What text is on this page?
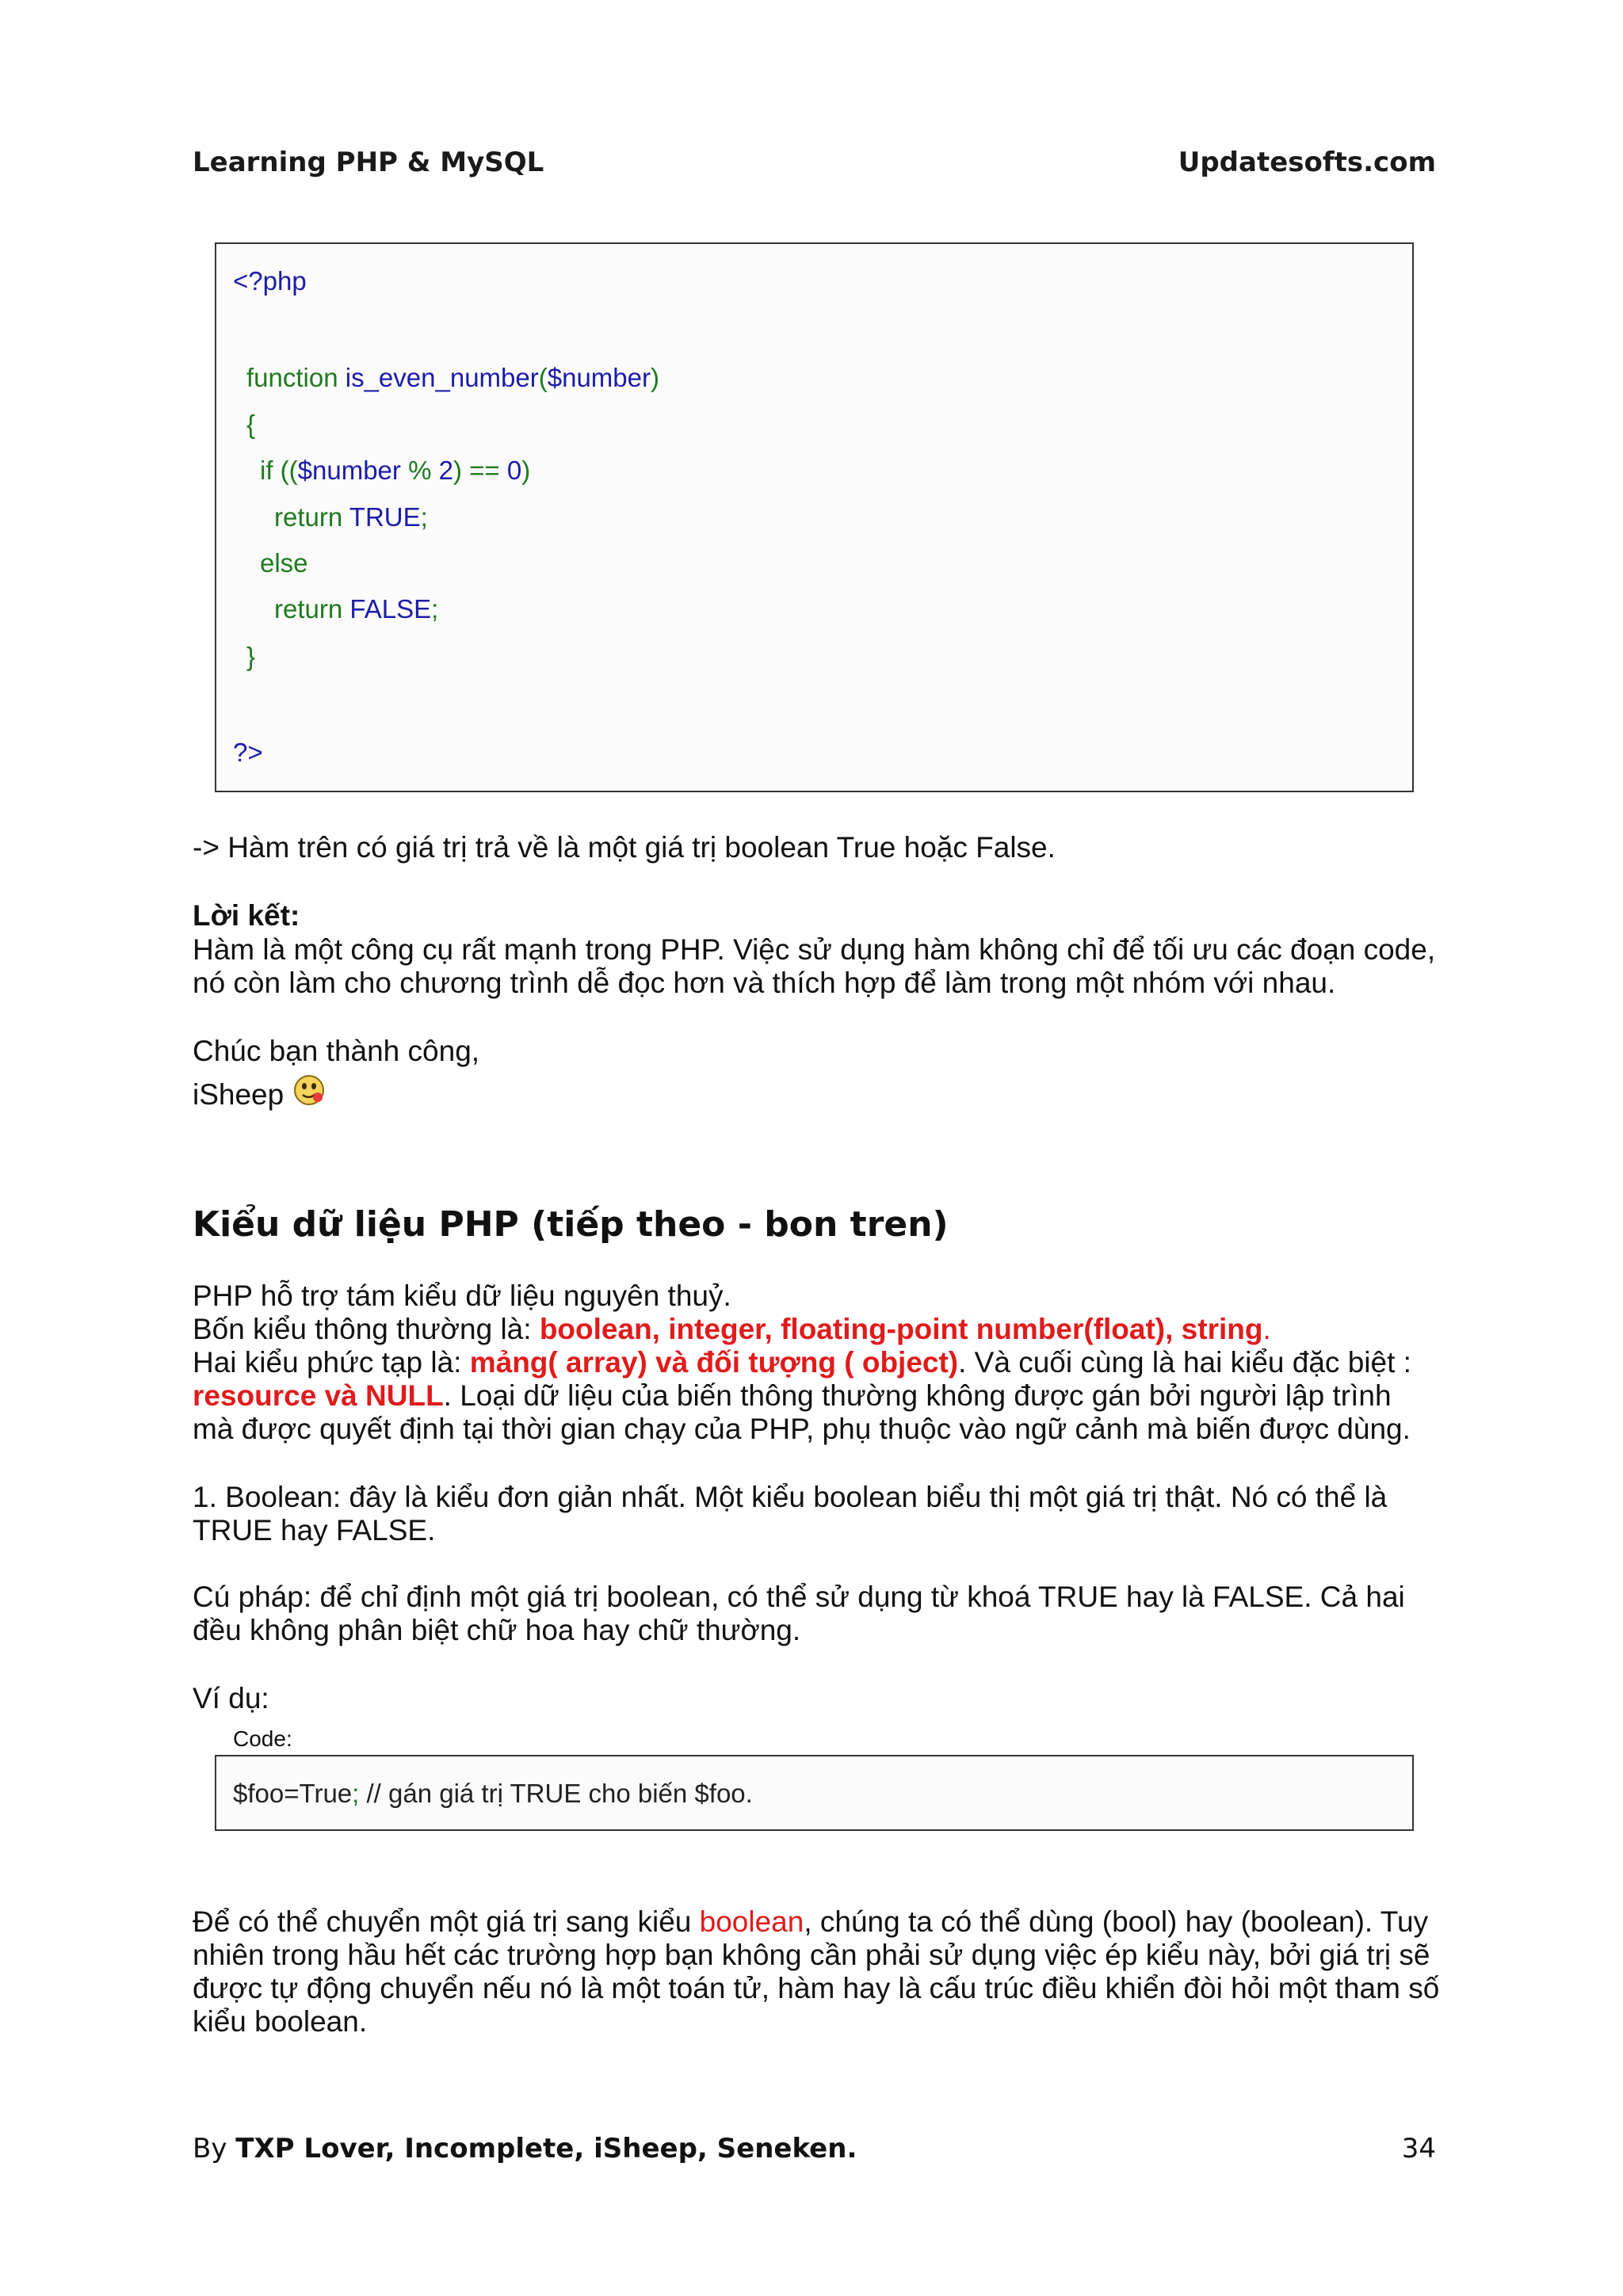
Learning PHP & MySQL	Updatesofts.com
<?php
function is_even_number($number)
{
if (($number % 2) == 0)
return TRUE;
else
return FALSE;
}
?>
-> Hàm trên có giá trị trả về là một giá trị boolean True hoặc False.
Lời kết:
Hàm là một công cụ rất mạnh trong PHP. Việc sử dụng hàm không chỉ để tối ưu các đoạn code,
nó còn làm cho chương trình dễ đọc hơn và thích hợp để làm trong một nhóm với nhau.
Chúc bạn thành công,
iSheep
Kiểu dữ liệu PHP (tiếp theo - bon tren)
PHP hỗ trợ tám kiểu dữ liệu nguyên thuỷ.
Bốn kiểu thông thường là: boolean, integer, floating-point number(float), string.
Hai kiểu phức tạp là: mảng( array) và đối tượng ( object). Và cuối cùng là hai kiểu đặc biệt :
resource và NULL. Loại dữ liệu của biến thông thường không được gán bởi người lập trình
mà được quyết định tại thời gian chạy của PHP, phụ thuộc vào ngữ cảnh mà biến được dùng.
1. Boolean: đây là kiểu đơn giản nhất. Một kiểu boolean biểu thị một giá trị thật. Nó có thể là
TRUE hay FALSE.
Cú pháp: để chỉ định một giá trị boolean, có thể sử dụng từ khoá TRUE hay là FALSE. Cả hai
đều không phân biệt chữ hoa hay chữ thường.
Ví dụ:
Code:
$foo=True; // gán giá trị TRUE cho biến $foo.
Để có thể chuyển một giá trị sang kiểu boolean, chúng ta có thể dùng (bool) hay (boolean). Tuy
nhiên trong hầu hết các trường hợp bạn không cần phải sử dụng việc ép kiểu này, bởi giá trị sẽ
được tự động chuyển nếu nó là một toán tử, hàm hay là cấu trúc điều khiển đòi hỏi một tham số
kiểu boolean.
By TXP Lover, Incomplete, iSheep, Seneken.	34
